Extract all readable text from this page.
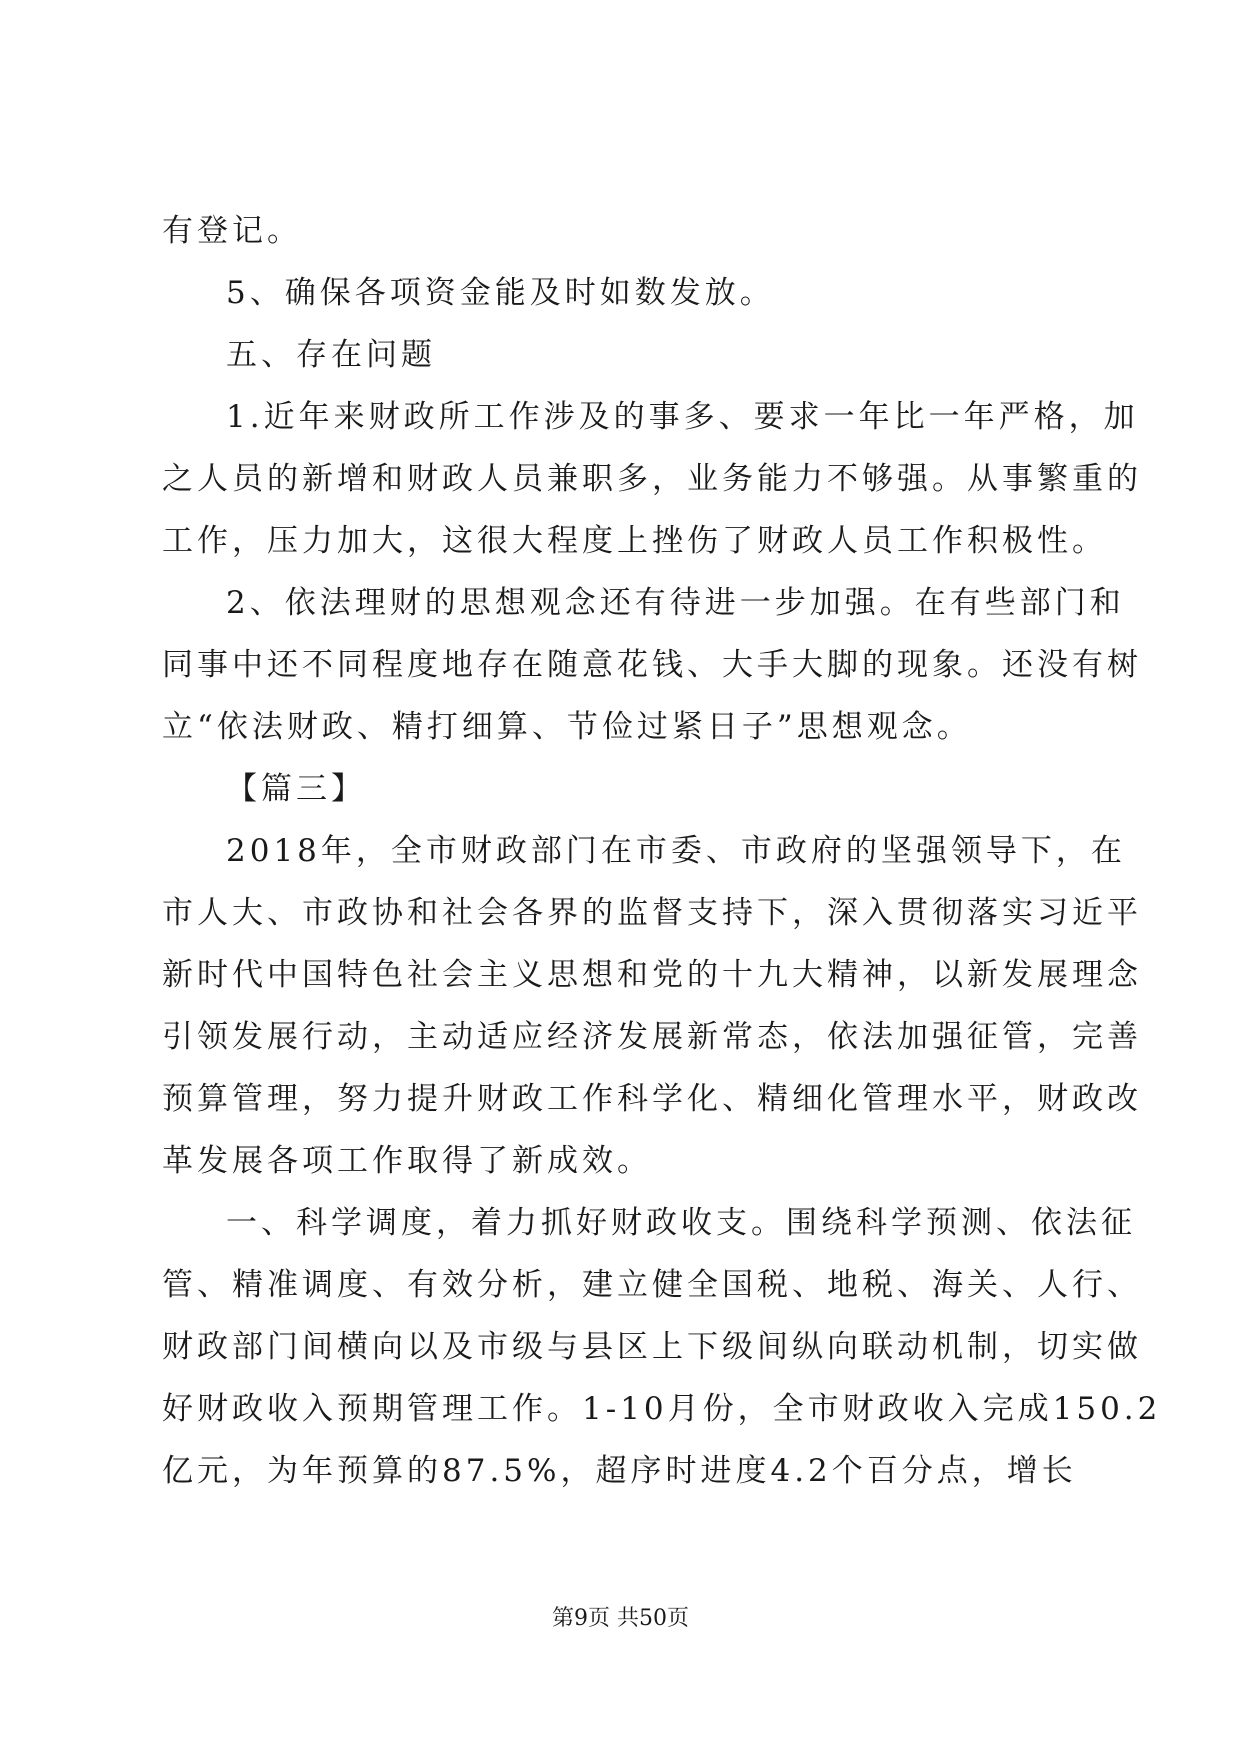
有登记。
5、确保各项资金能及时如数发放。
五、存在问题
1.近年来财政所工作涉及的事多、要求一年比一年严格，加
之人员的新增和财政人员兼职多，业务能力不够强。从事繁重的
工作，压力加大，这很大程度上挫伤了财政人员工作积极性。
2、依法理财的思想观念还有待进一步加强。在有些部门和
同事中还不同程度地存在随意花钱、大手大脚的现象。还没有树
立“依法财政、精打细算、节俭过紧日子”思想观念。
【篇三】
2018年，全市财政部门在市委、市政府的坚强领导下，在
市人大、市政协和社会各界的监督支持下，深入贯彻落实习近平
新时代中国特色社会主义思想和党的十九大精神，以新发展理念
引领发展行动，主动适应经济发展新常态，依法加强征管，完善
预算管理，努力提升财政工作科学化、精细化管理水平，财政改
革发展各项工作取得了新成效。
一、科学调度，着力抓好财政收支。围绕科学预测、依法征
管、精准调度、有效分析，建立健全国税、地税、海关、人行、
财政部门间横向以及市级与县区上下级间纵向联动机制，切实做
好财政收入预期管理工作。1-10月份，全市财政收入完成150.2
亿元，为年预算的87.5%，超序时进度4.2个百分点，增长
第9页 共50页
